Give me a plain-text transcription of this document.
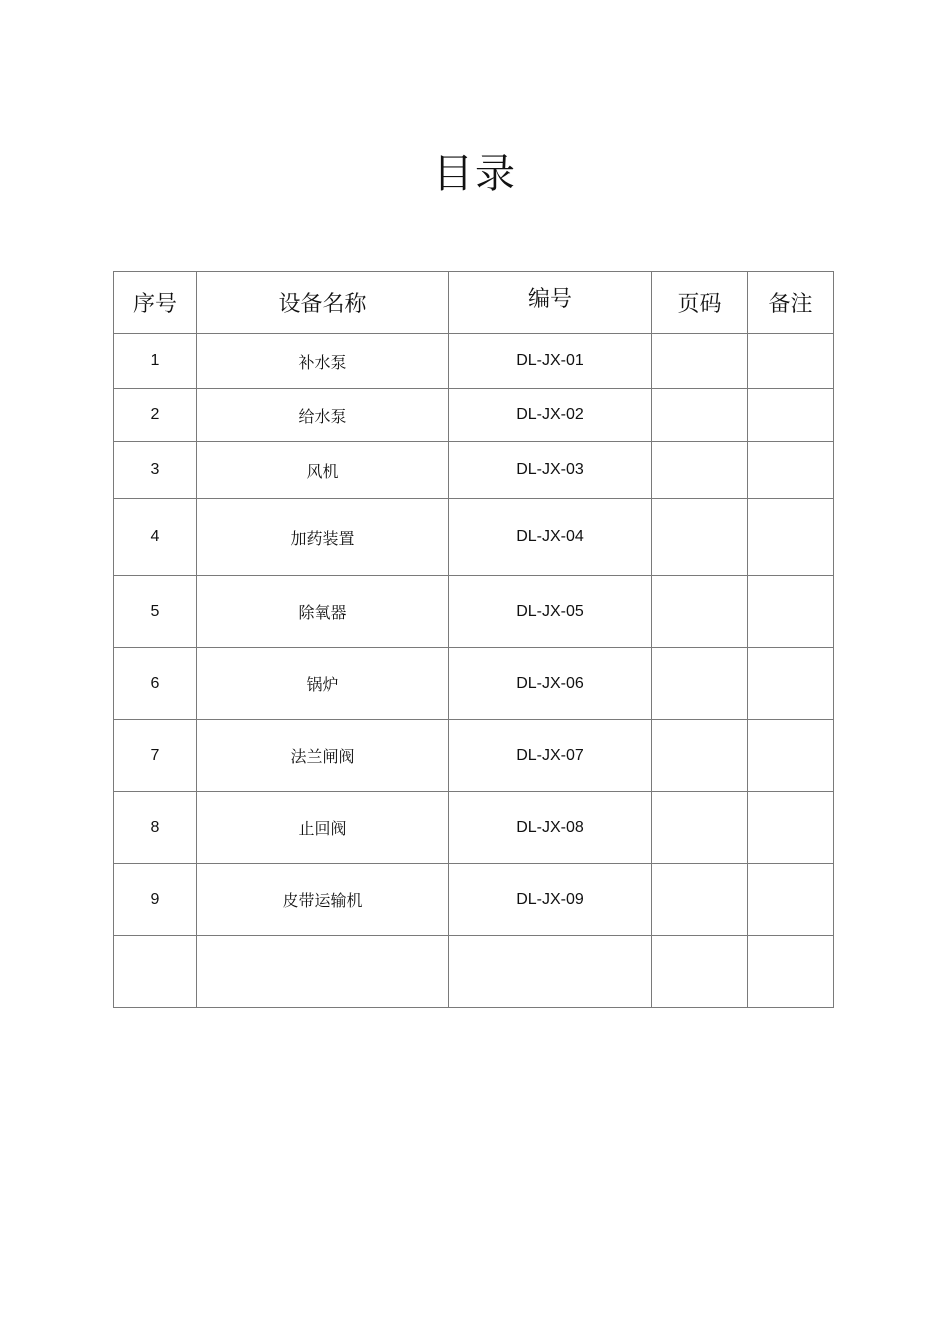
目录
序号	设备名称	编号	页码	备注
1	补水泵	DL-JX-01		
2	给水泵	DL-JX-02		
3	风机	DL-JX-03		
4	加药装置	DL-JX-04		
5	除氧器	DL-JX-05		
6	锅炉	DL-JX-06		
7	法兰闸阀	DL-JX-07		
8	止回阀	DL-JX-08		
9	皮带运输机	DL-JX-09		
